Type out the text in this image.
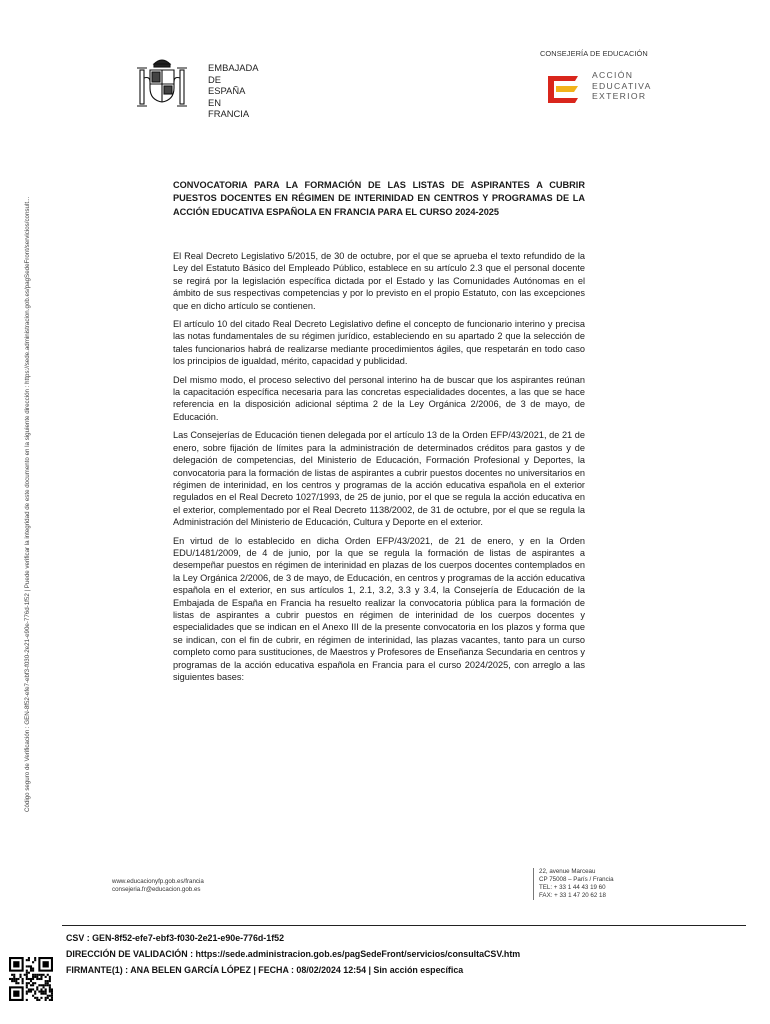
Código seguro de Verificación : GEN-8f52-efe7-ebf3-f030-2e21-e90e-776d-1f52 | Puede verificar la integridad de este documento en la siguiente dirección : https://sede.administracion.gob.es/pagSedeFront/servicios/consult...
EMBAJADA
DE ESPAÑA
EN FRANCIA
CONSEJERÍA DE EDUCACIÓN
ACCIÓN
EDUCATIVA
EXTERIOR
CONVOCATORIA PARA LA FORMACIÓN DE LAS LISTAS DE ASPIRANTES A CUBRIR PUESTOS DOCENTES EN RÉGIMEN DE INTERINIDAD EN CENTROS Y PROGRAMAS DE LA ACCIÓN EDUCATIVA ESPAÑOLA EN FRANCIA PARA EL CURSO 2024-2025

El Real Decreto Legislativo 5/2015, de 30 de octubre, por el que se aprueba el texto refundido de la Ley del Estatuto Básico del Empleado Público, establece en su artículo 2.3 que el personal docente se regirá por la legislación específica dictada por el Estado y las Comunidades Autónomas en el ámbito de sus respectivas competencias y por lo previsto en el propio Estatuto, con las excepciones que en dicho artículo se contienen.

El artículo 10 del citado Real Decreto Legislativo define el concepto de funcionario interino y precisa las notas fundamentales de su régimen jurídico, estableciendo en su apartado 2 que la selección de tales funcionarios habrá de realizarse mediante procedimientos ágiles, que respetarán en todo caso los principios de igualdad, mérito, capacidad y publicidad.

Del mismo modo, el proceso selectivo del personal interino ha de buscar que los aspirantes reúnan la capacitación específica necesaria para las concretas especialidades docentes, a las que se hace referencia en la disposición adicional séptima 2 de la Ley Orgánica 2/2006, de 3 de mayo, de Educación.

Las Consejerías de Educación tienen delegada por el artículo 13 de la Orden EFP/43/2021, de 21 de enero, sobre fijación de límites para la administración de determinados créditos para gastos y de delegación de competencias, del Ministerio de Educación, Formación Profesional y Deportes, la convocatoria para la formación de listas de aspirantes a cubrir puestos docentes no universitarios en régimen de interinidad, en los centros y programas de la acción educativa española en el exterior regulados en el Real Decreto 1027/1993, de 25 de junio, por el que se regula la acción educativa en el exterior, complementado por el Real Decreto 1138/2002, de 31 de octubre, por el que se regula la Administración del Ministerio de Educación, Cultura y Deporte en el exterior.

En virtud de lo establecido en dicha Orden EFP/43/2021, de 21 de enero, y en la Orden EDU/1481/2009, de 4 de junio, por la que se regula la formación de listas de aspirantes a desempeñar puestos en régimen de interinidad en plazas de los cuerpos docentes contemplados en la Ley Orgánica 2/2006, de 3 de mayo, de Educación, en centros y programas de la acción educativa española en el exterior, en sus artículos 1, 2.1, 3.2, 3.3 y 3.4, la Consejería de Educación de la Embajada de España en Francia ha resuelto realizar la convocatoria pública para la formación de listas de aspirantes a cubrir puestos en régimen de interinidad de los cuerpos docentes y especialidades que se indican en el Anexo III de la presente convocatoria en los plazos y forma que se indican, con el fin de cubrir, en régimen de interinidad, las plazas vacantes, tanto para un curso completo como para sustituciones, de Maestros y Profesores de Enseñanza Secundaria en centros y programas de la acción educativa española en Francia para el curso 2024/2025, con arreglo a las siguientes bases:

www.educacionyfp.gob.es/francia
consejeria.fr@educacion.gob.es
22, avenue Marceau
CP 75008 – París / Francia
TEL: + 33 1 44 43 19 60
FAX: + 33 1 47 20 62 18
CSV : GEN-8f52-efe7-ebf3-f030-2e21-e90e-776d-1f52
DIRECCIÓN DE VALIDACIÓN : https://sede.administracion.gob.es/pagSedeFront/servicios/consultaCSV.htm
FIRMANTE(1) : ANA BELEN GARCÍA LÓPEZ | FECHA : 08/02/2024 12:54 | Sin acción específica
